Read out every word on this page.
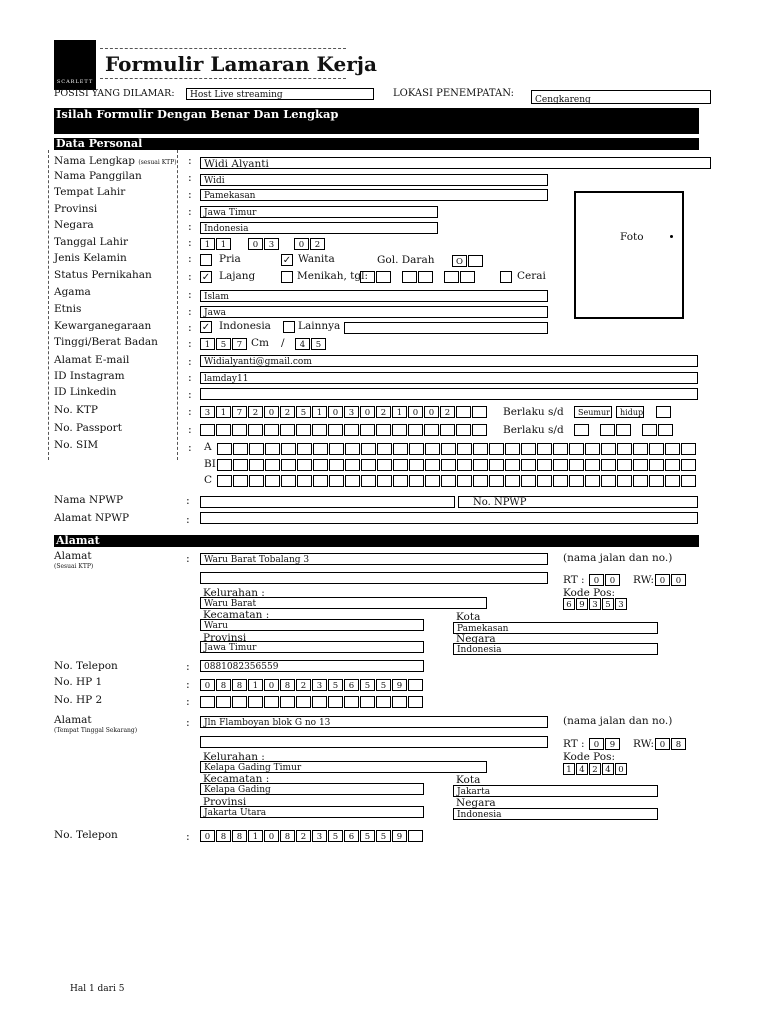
SCARLETT
Formulir Lamaran Kerja
POSISI YANG DILAMAR:	Host Live streaming	LOKASI PENEMPATAN:
Cengkareng
Isilah Formulir Dengan Benar Dan Lengkap
Data Personal
Foto
Nama Lengkap (sesuai KTP) :	Widi Alyanti
Nama Panggilan	:	Widi
Tempat Lahir	:	Pamekasan
Provinsi	:	Jawa Timur
Negara	:	Indonesia
Tanggal Lahir	:	1	1	0	3	0	2
Jenis Kelamin	:	Pria	✓ Wanita	Gol. Darah	O
Status Pernikahan	: ✓ Lajang	Menikah, tgl:	Cerai
Agama	:	Islam
Etnis	:	Jawa
Kewarganegaraan	: ✓ Indonesia	Lainnya
Tinggi/Berat Badan	:	1	5	7 Cm /	4	5
Alamat E-mail	:	Widialyanti@gmail.com
ID Instagram	:	lamday11_
ID Linkedin	:
No. KTP	:	3	1	7	2	0	2	5	1	0	3	0	2	1	0	0	2	Berlaku s/d	Seumur	hidup
No. Passport	:	Berlaku s/d
No. SIM	: A
BI
C
Nama NPWP	:	No. NPWP
Alamat NPWP	:
Alamat
Alamat
(Sesuai KTP)
:	Waru Barat Tobalang 3	(nama jalan dan no.)
RT :	0	0	RW: 0	0
Kode Pos:
6 9 3 5 3
Kelurahan :
Waru Barat
Kecamatan :
Waru
Kota
Pamekasan
Provinsi
Jawa Timur
Negara
Indonesia
No. Telepon	:	0881082356559
No. HP 1	:	0	8	8	1	0	8	2	3	5	6	5	5	9
No. HP 2	:
Alamat
(Tempat Tinggal Sekarang)
:	Jln Flamboyan blok G no 13	(nama jalan dan no.)
RT :	0	9	RW: 0	8
Kode Pos:
1 4 2 4 0
Kelurahan :
Kelapa Gading Timur
Kecamatan :
Kelapa Gading
Kota
Jakarta
Provinsi
Jakarta Utara
Negara
Indonesia
No. Telepon	:	0	8	8	1	0	8	2	3	5	6	5	5	9
Hal 1 dari 5
